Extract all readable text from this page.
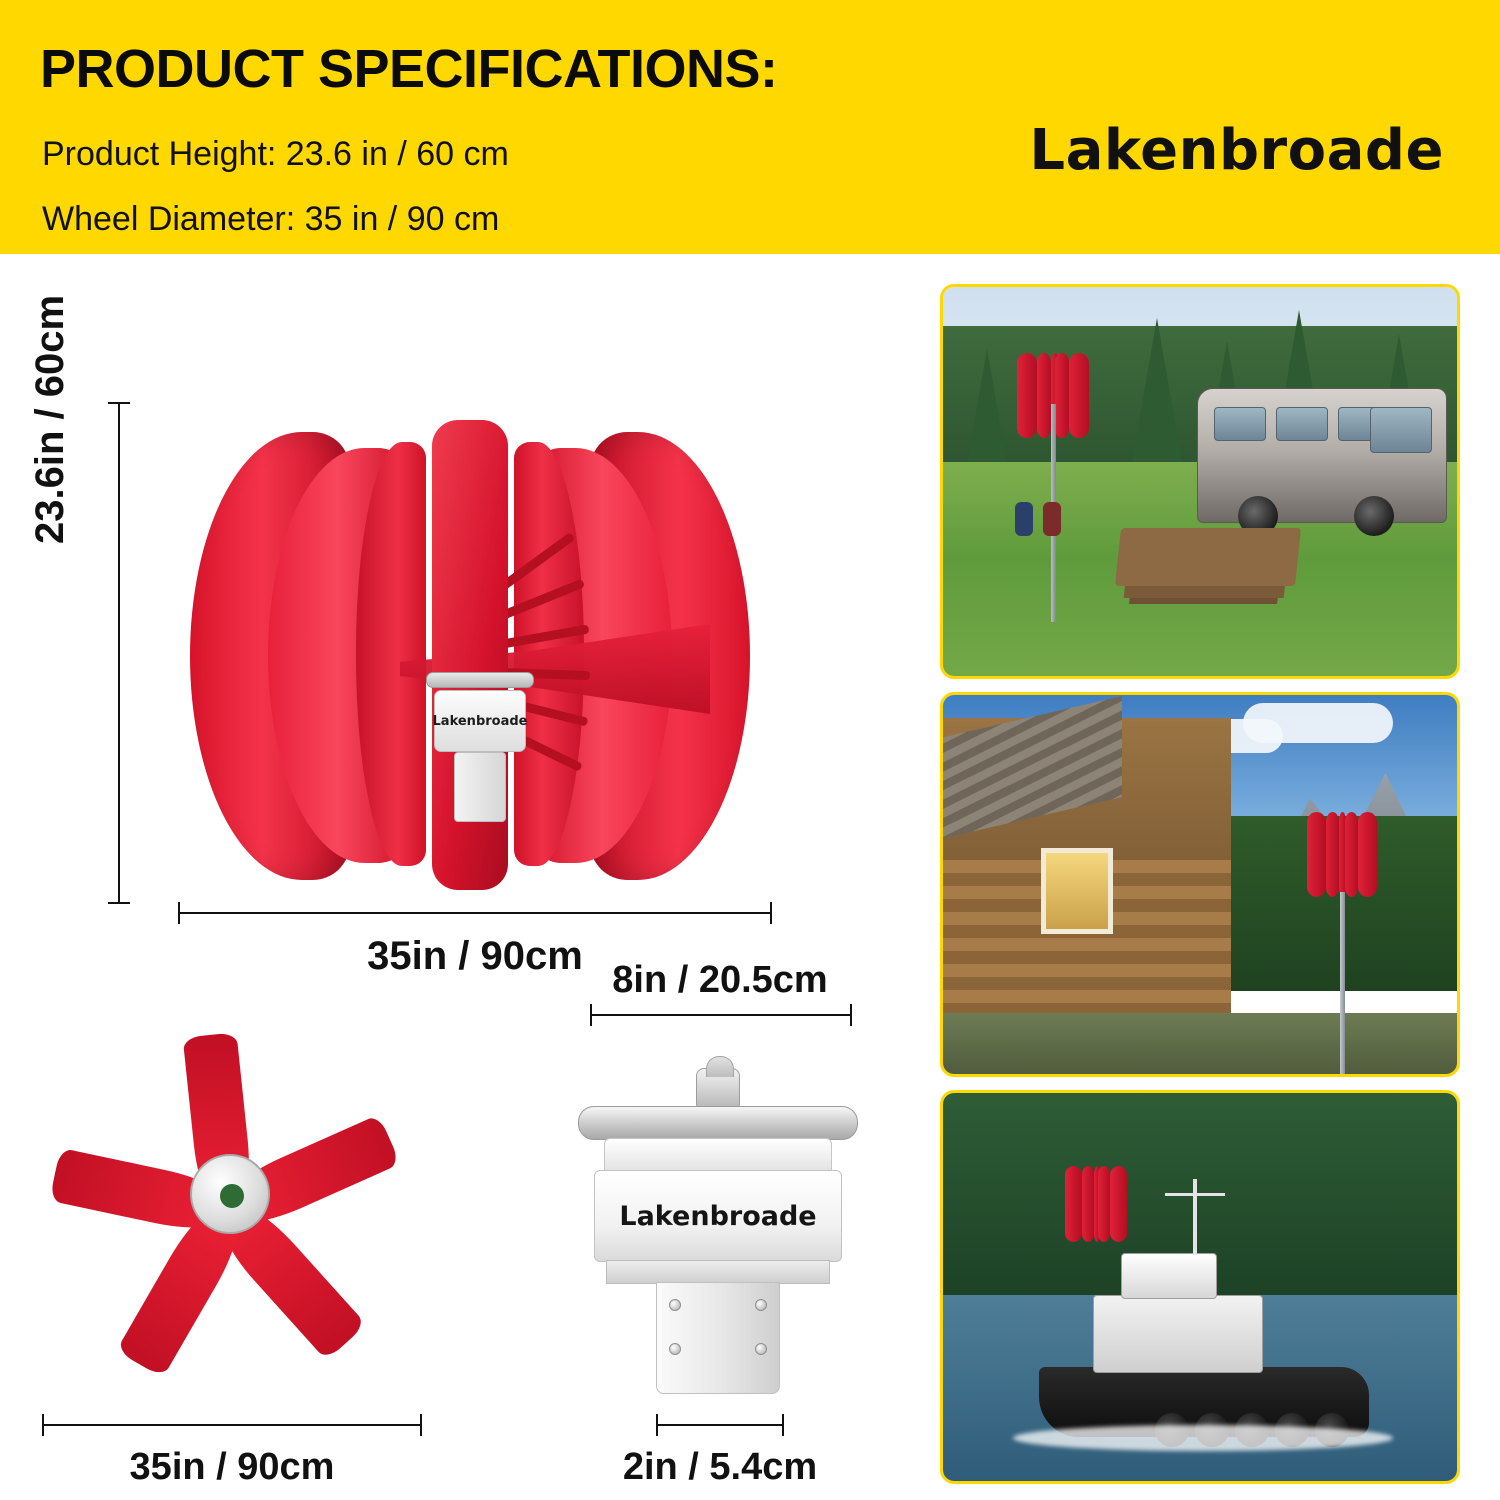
PRODUCT SPECIFICATIONS:
Product Height: 23.6 in / 60 cm
Wheel Diameter: 35 in / 90 cm
Lakenbroade
23.6in / 60cm
Lakenbroade
35in / 90cm
35in / 90cm
8in / 20.5cm
Lakenbroade
2in / 5.4cm
